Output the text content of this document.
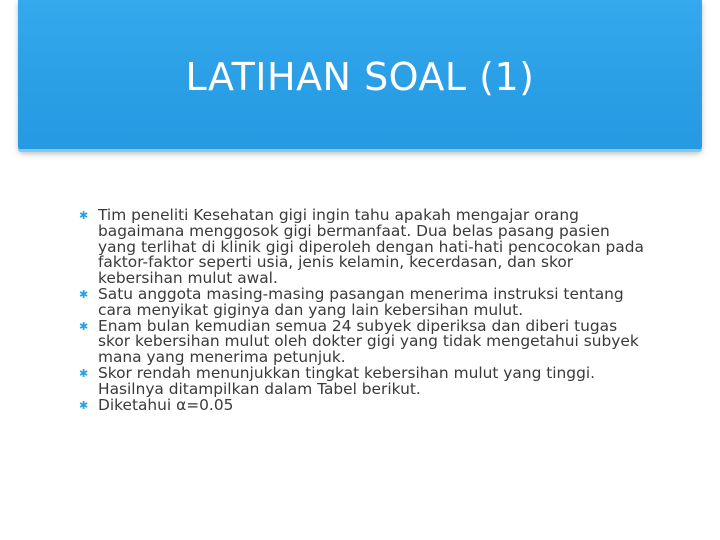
LATIHAN SOAL (1)
✱ Tim peneliti Kesehatan gigi ingin tahu apakah mengajar orang bagaimana menggosok gigi bermanfaat. Dua belas pasang pasien yang terlihat di klinik gigi diperoleh dengan hati-hati pencocokan pada faktor-faktor seperti usia, jenis kelamin, kecerdasan, dan skor kebersihan mulut awal.
✱ Satu anggota masing-masing pasangan menerima instruksi tentang cara menyikat giginya dan yang lain kebersihan mulut.
✱ Enam bulan kemudian semua 24 subyek diperiksa dan diberi tugas skor kebersihan mulut oleh dokter gigi yang tidak mengetahui subyek mana yang menerima petunjuk.
✱ Skor rendah menunjukkan tingkat kebersihan mulut yang tinggi. Hasilnya ditampilkan dalam Tabel berikut.
✱ Diketahui α=0.05
